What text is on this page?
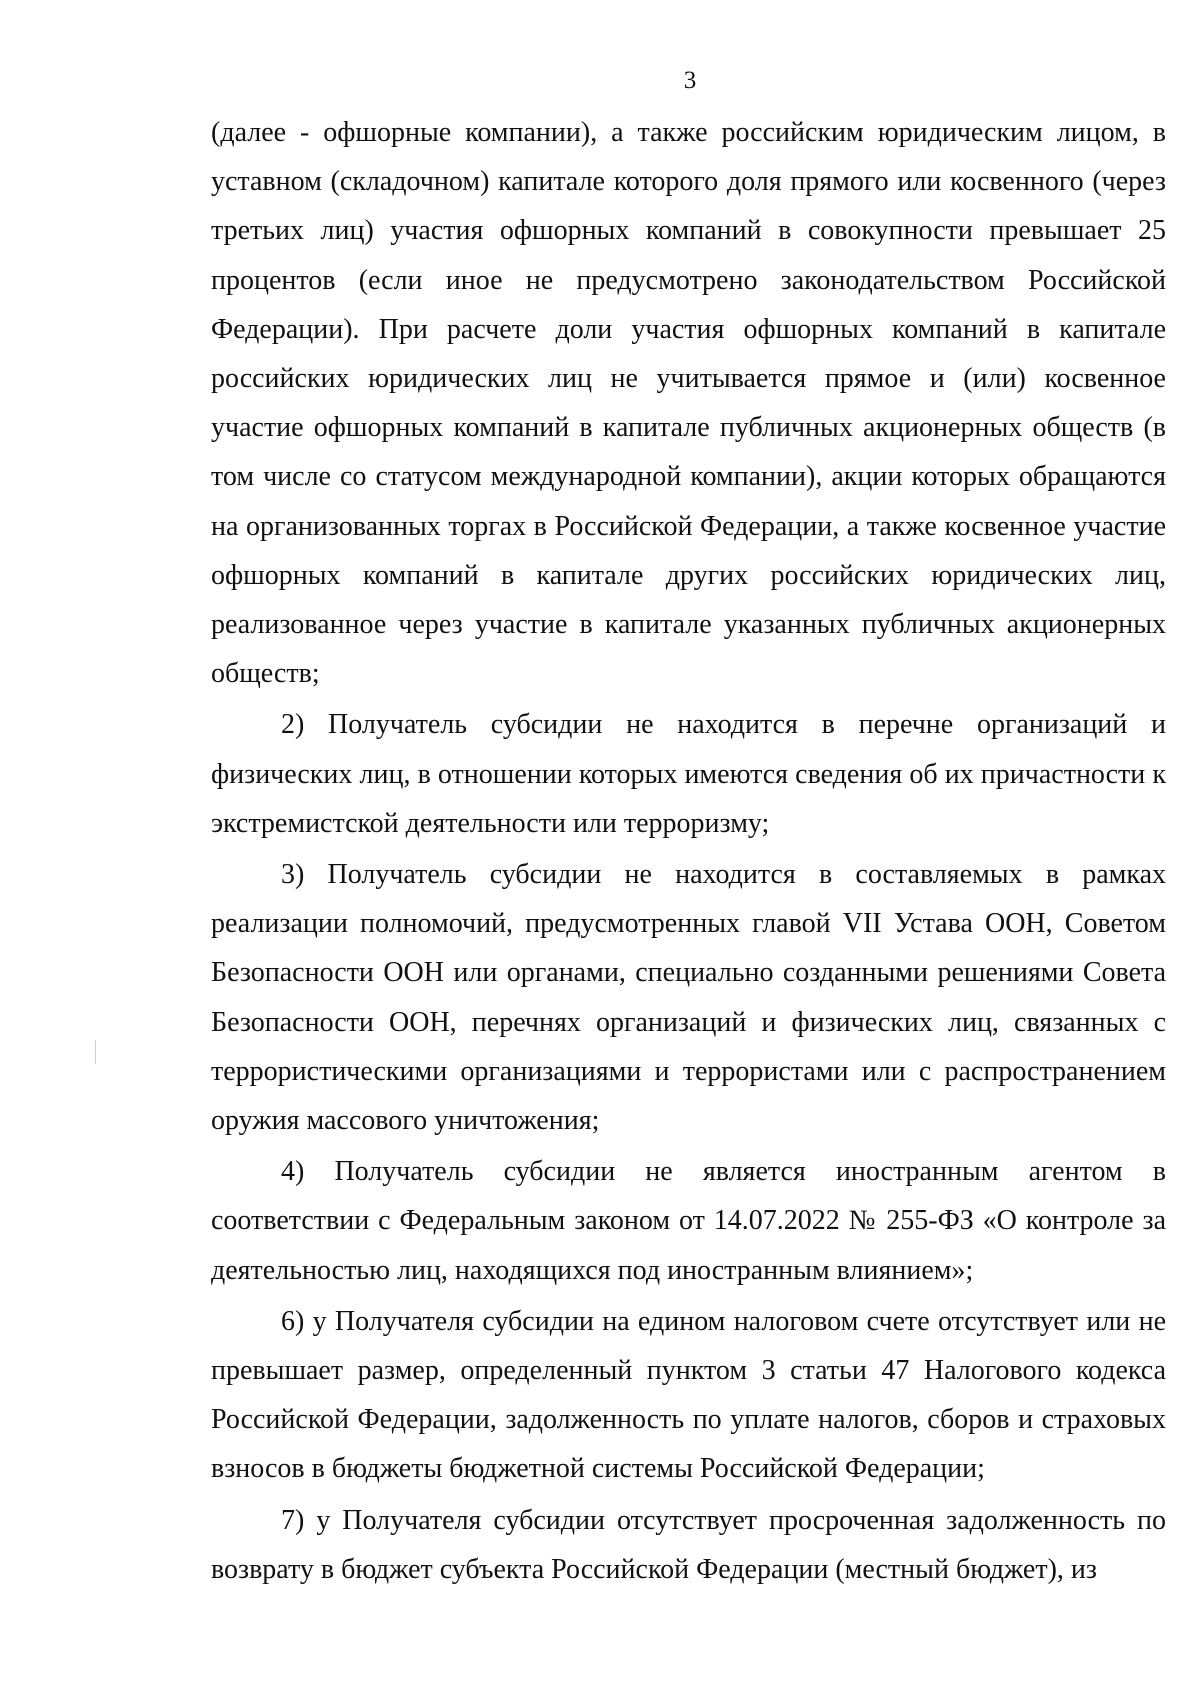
3

(далее - офшорные компании), а также российским юридическим лицом, в уставном (складочном) капитале которого доля прямого или косвенного (через третьих лиц) участия офшорных компаний в совокупности превышает 25 процентов (если иное не предусмотрено законодательством Российской Федерации). При расчете доли участия офшорных компаний в капитале российских юридических лиц не учитывается прямое и (или) косвенное участие офшорных компаний в капитале публичных акционерных обществ (в том числе со статусом международной компании), акции которых обращаются на организованных торгах в Российской Федерации, а также косвенное участие офшорных компаний в капитале других российских юридических лиц, реализованное через участие в капитале указанных публичных акционерных обществ;

2) Получатель субсидии не находится в перечне организаций и физических лиц, в отношении которых имеются сведения об их причастности к экстремистской деятельности или терроризму;

3) Получатель субсидии не находится в составляемых в рамках реализации полномочий, предусмотренных главой VII Устава ООН, Советом Безопасности ООН или органами, специально созданными решениями Совета Безопасности ООН, перечнях организаций и физических лиц, связанных с террористическими организациями и террористами или с распространением оружия массового уничтожения;

4) Получатель субсидии не является иностранным агентом в соответствии с Федеральным законом от 14.07.2022 № 255-ФЗ «О контроле за деятельностью лиц, находящихся под иностранным влиянием»;

6) у Получателя субсидии на едином налоговом счете отсутствует или не превышает размер, определенный пунктом 3 статьи 47 Налогового кодекса Российской Федерации, задолженность по уплате налогов, сборов и страховых взносов в бюджеты бюджетной системы Российской Федерации;

7) у Получателя субсидии отсутствует просроченная задолженность по возврату в бюджет субъекта Российской Федерации (местный бюджет), из
